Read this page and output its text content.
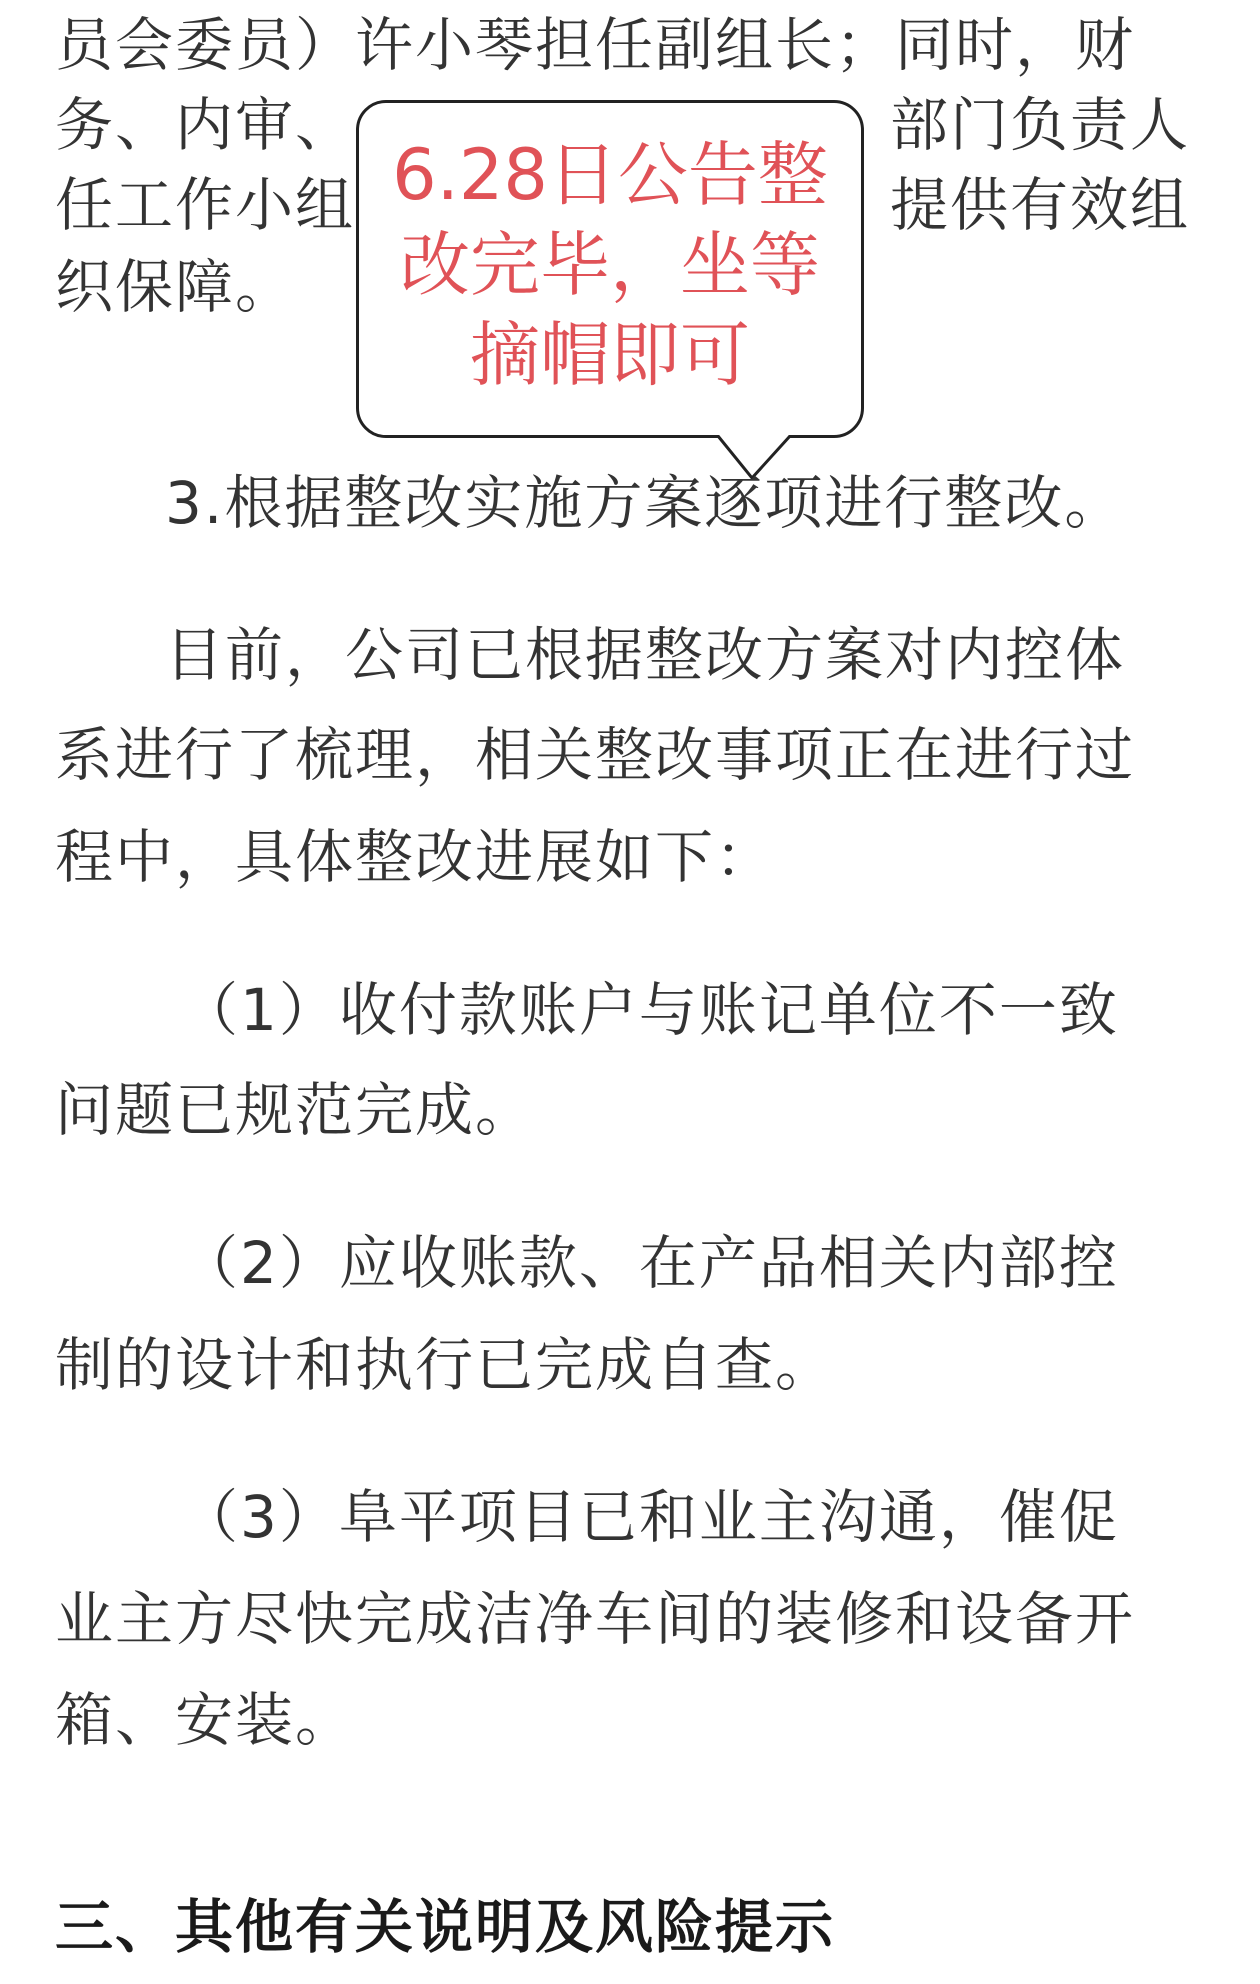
员会委员）许小琴担任副组长；同时，财
务、内审、	部门负责人
任工作小组	提供有效组
织保障。
6.28日公告整
改完毕，坐等
摘帽即可
3.根据整改实施方案逐项进行整改。
目前，公司已根据整改方案对内控体
系进行了梳理，相关整改事项正在进行过
程中，具体整改进展如下：
（1）收付款账户与账记单位不一致
问题已规范完成。
（2）应收账款、在产品相关内部控
制的设计和执行已完成自查。
（3）阜平项目已和业主沟通，催促
业主方尽快完成洁净车间的装修和设备开
箱、安装。
三、其他有关说明及风险提示
